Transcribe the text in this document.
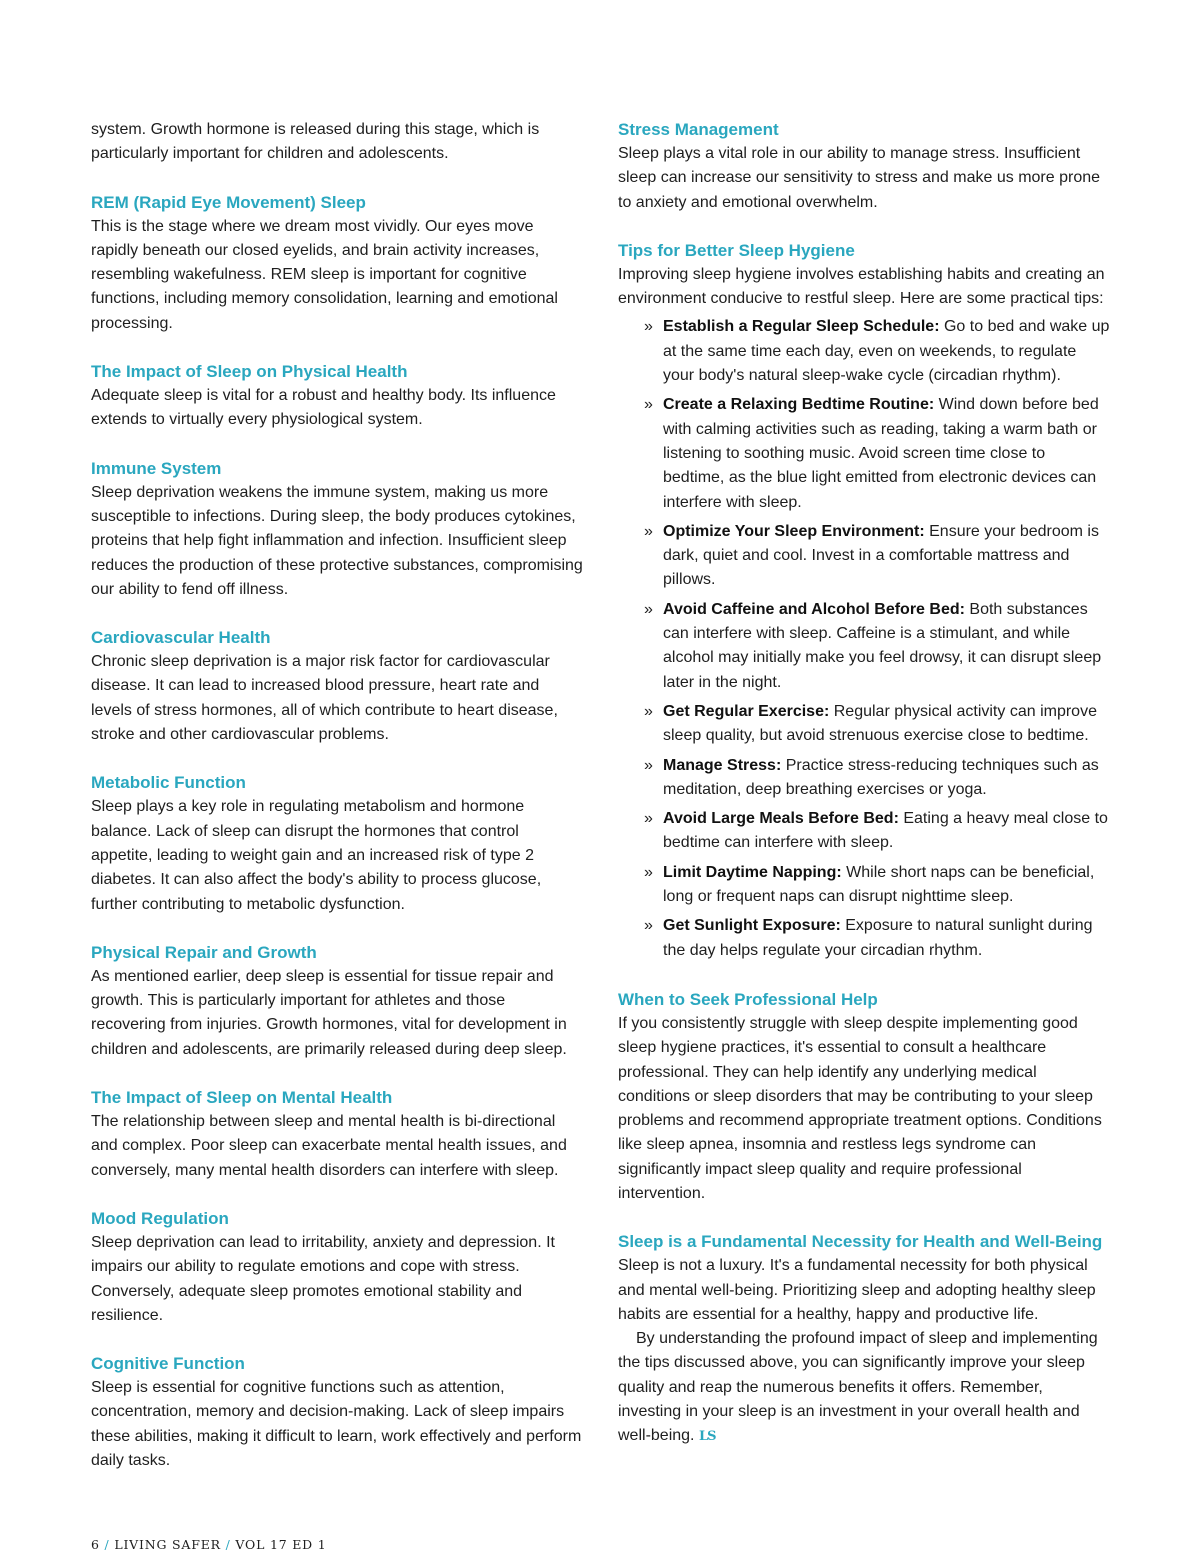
system. Growth hormone is released during this stage, which is particularly important for children and adolescents.

REM (Rapid Eye Movement) Sleep

This is the stage where we dream most vividly. Our eyes move rapidly beneath our closed eyelids, and brain activity increases, resembling wakefulness. REM sleep is important for cognitive functions, including memory consolidation, learning and emotional processing.

The Impact of Sleep on Physical Health

Adequate sleep is vital for a robust and healthy body. Its influence extends to virtually every physiological system.

Immune System

Sleep deprivation weakens the immune system, making us more susceptible to infections. During sleep, the body produces cytokines, proteins that help fight inflammation and infection. Insufficient sleep reduces the production of these protective substances, compromising our ability to fend off illness.

Cardiovascular Health

Chronic sleep deprivation is a major risk factor for cardiovascular disease. It can lead to increased blood pressure, heart rate and levels of stress hormones, all of which contribute to heart disease, stroke and other cardiovascular problems.

Metabolic Function

Sleep plays a key role in regulating metabolism and hormone balance. Lack of sleep can disrupt the hormones that control appetite, leading to weight gain and an increased risk of type 2 diabetes. It can also affect the body's ability to process glucose, further contributing to metabolic dysfunction.

Physical Repair and Growth

As mentioned earlier, deep sleep is essential for tissue repair and growth. This is particularly important for athletes and those recovering from injuries. Growth hormones, vital for development in children and adolescents, are primarily released during deep sleep.

The Impact of Sleep on Mental Health

The relationship between sleep and mental health is bi-directional and complex. Poor sleep can exacerbate mental health issues, and conversely, many mental health disorders can interfere with sleep.

Mood Regulation

Sleep deprivation can lead to irritability, anxiety and depression. It impairs our ability to regulate emotions and cope with stress. Conversely, adequate sleep promotes emotional stability and resilience.

Cognitive Function

Sleep is essential for cognitive functions such as attention, concentration, memory and decision-making. Lack of sleep impairs these abilities, making it difficult to learn, work effectively and perform daily tasks.

Stress Management

Sleep plays a vital role in our ability to manage stress. Insufficient sleep can increase our sensitivity to stress and make us more prone to anxiety and emotional overwhelm.

Tips for Better Sleep Hygiene

Improving sleep hygiene involves establishing habits and creating an environment conducive to restful sleep. Here are some practical tips:

» Establish a Regular Sleep Schedule: Go to bed and wake up at the same time each day, even on weekends, to regulate your body's natural sleep-wake cycle (circadian rhythm).
» Create a Relaxing Bedtime Routine: Wind down before bed with calming activities such as reading, taking a warm bath or listening to soothing music. Avoid screen time close to bedtime, as the blue light emitted from electronic devices can interfere with sleep.
» Optimize Your Sleep Environment: Ensure your bedroom is dark, quiet and cool. Invest in a comfortable mattress and pillows.
» Avoid Caffeine and Alcohol Before Bed: Both substances can interfere with sleep. Caffeine is a stimulant, and while alcohol may initially make you feel drowsy, it can disrupt sleep later in the night.
» Get Regular Exercise: Regular physical activity can improve sleep quality, but avoid strenuous exercise close to bedtime.
» Manage Stress: Practice stress-reducing techniques such as meditation, deep breathing exercises or yoga.
» Avoid Large Meals Before Bed: Eating a heavy meal close to bedtime can interfere with sleep.
» Limit Daytime Napping: While short naps can be beneficial, long or frequent naps can disrupt nighttime sleep.
» Get Sunlight Exposure: Exposure to natural sunlight during the day helps regulate your circadian rhythm.
When to Seek Professional Help

If you consistently struggle with sleep despite implementing good sleep hygiene practices, it's essential to consult a healthcare professional. They can help identify any underlying medical conditions or sleep disorders that may be contributing to your sleep problems and recommend appropriate treatment options. Conditions like sleep apnea, insomnia and restless legs syndrome can significantly impact sleep quality and require professional intervention.

Sleep is a Fundamental Necessity for Health and Well-Being

Sleep is not a luxury. It's a fundamental necessity for both physical and mental well-being. Prioritizing sleep and adopting healthy sleep habits are essential for a healthy, happy and productive life.

By understanding the profound impact of sleep and implementing the tips discussed above, you can significantly improve your sleep quality and reap the numerous benefits it offers. Remember, investing in your sleep is an investment in your overall health and well-being. LS

6 / LIVING SAFER / VOL 17 ED 1
